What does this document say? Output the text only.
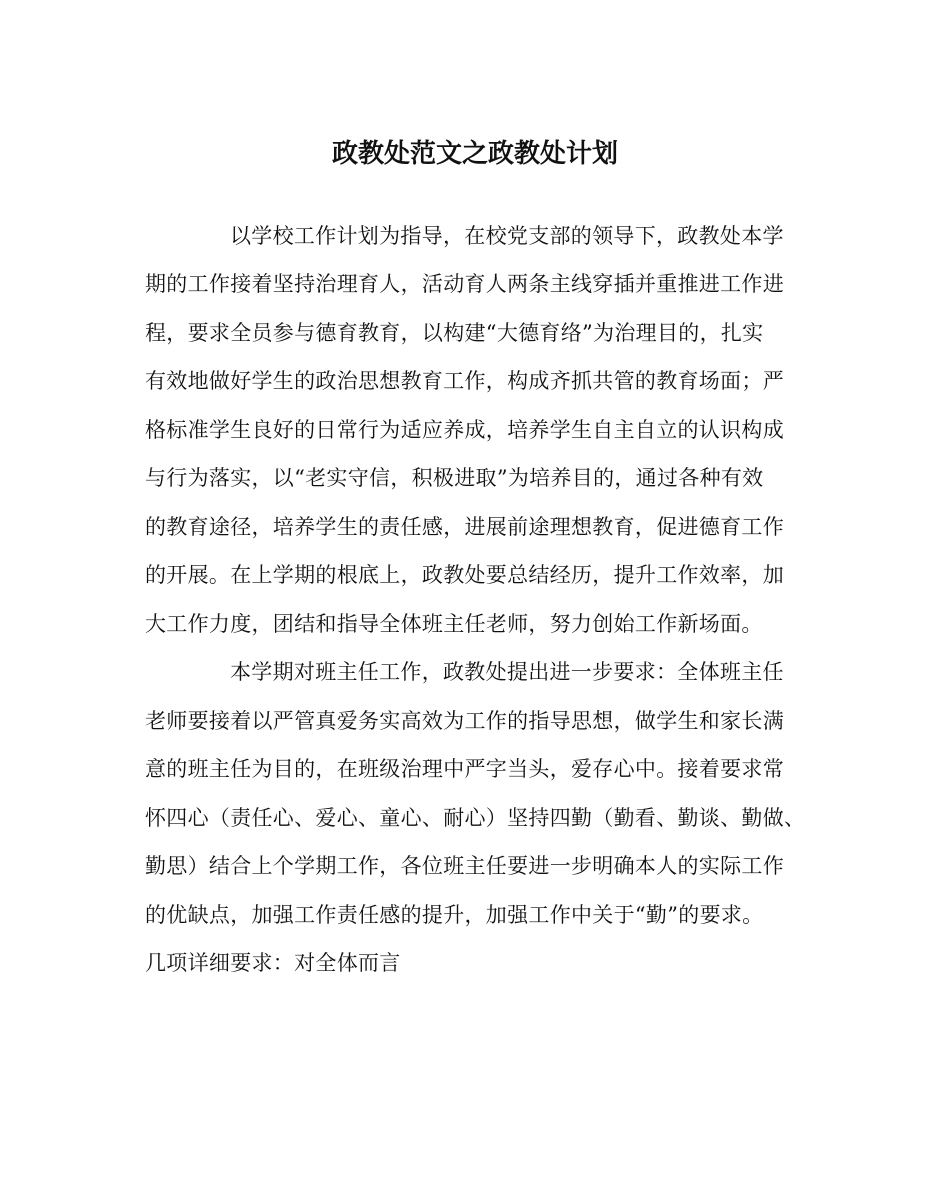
政教处范文之政教处计划
以学校工作计划为指导，在校党支部的领导下，政教处本学
期的工作接着坚持治理育人，活动育人两条主线穿插并重推进工作进
程，要求全员参与德育教育，以构建“大德育络”为治理目的，扎实
有效地做好学生的政治思想教育工作，构成齐抓共管的教育场面；严
格标准学生良好的日常行为适应养成，培养学生自主自立的认识构成
与行为落实，以“老实守信，积极进取”为培养目的，通过各种有效
的教育途径，培养学生的责任感，进展前途理想教育，促进德育工作
的开展。在上学期的根底上，政教处要总结经历，提升工作效率，加
大工作力度，团结和指导全体班主任老师，努力创始工作新场面。
本学期对班主任工作，政教处提出进一步要求：全体班主任
老师要接着以严管真爱务实高效为工作的指导思想，做学生和家长满
意的班主任为目的，在班级治理中严字当头，爱存心中。接着要求常
怀四心（责任心、爱心、童心、耐心）坚持四勤（勤看、勤谈、勤做、
勤思）结合上个学期工作，各位班主任要进一步明确本人的实际工作
的优缺点，加强工作责任感的提升，加强工作中关于“勤”的要求。
几项详细要求：对全体而言
